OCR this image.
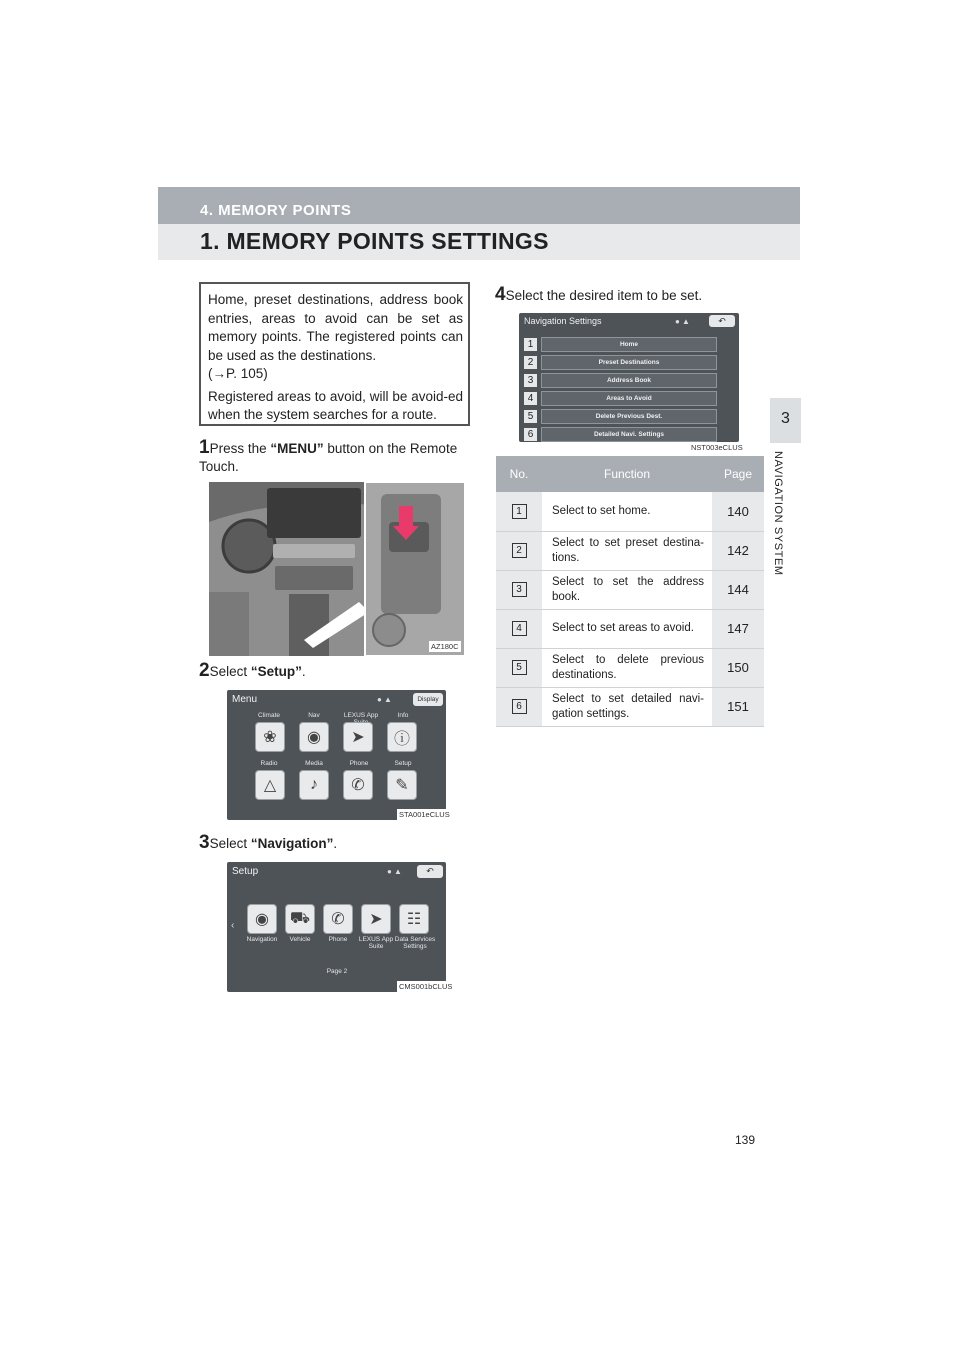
4. MEMORY POINTS
1. MEMORY POINTS SETTINGS
3
NAVIGATION SYSTEM

Home, preset destinations, address book entries, areas to avoid can be set as memory points. The registered points can be used as the destinations.

(→P. 105)

Registered areas to avoid, will be avoid-ed when the system searches for a route.

1Press the “MENU” button on the Remote Touch.
AZ180C
2Select “Setup”.
Menu	● ▲	Display
Climate	Nav	LEXUS App	Info
❀	◉	➤	ⓘ
Radio	Media	Phone	Setup
△	♪	✆	✎
STA001eCLUS
3Select “Navigation”.
Setup	● ▲	↶
‹	◉	⛟	✆	➤	☷
Navigation	Vehicle	Phone	LEXUS App Suite
Data Services Settings
Page 2
CMS001bCLUS
4Select the desired item to be set.
Navigation Settings	● ▲	↶
1	Home
2	Preset Destinations
3	Address Book
4	Areas to Avoid
5	Delete Previous Dest.
6	Detailed Navi. Settings
NST003eCLUS
No.	Function	Page
1	Select to set home.	140
2	Select to set preset destina-tions.	142
3	Select to set the address book.	144
4	Select to set areas to avoid.	147
5	Select to delete previous destinations.	150
6	Select to set detailed navi-gation settings.	151
139
